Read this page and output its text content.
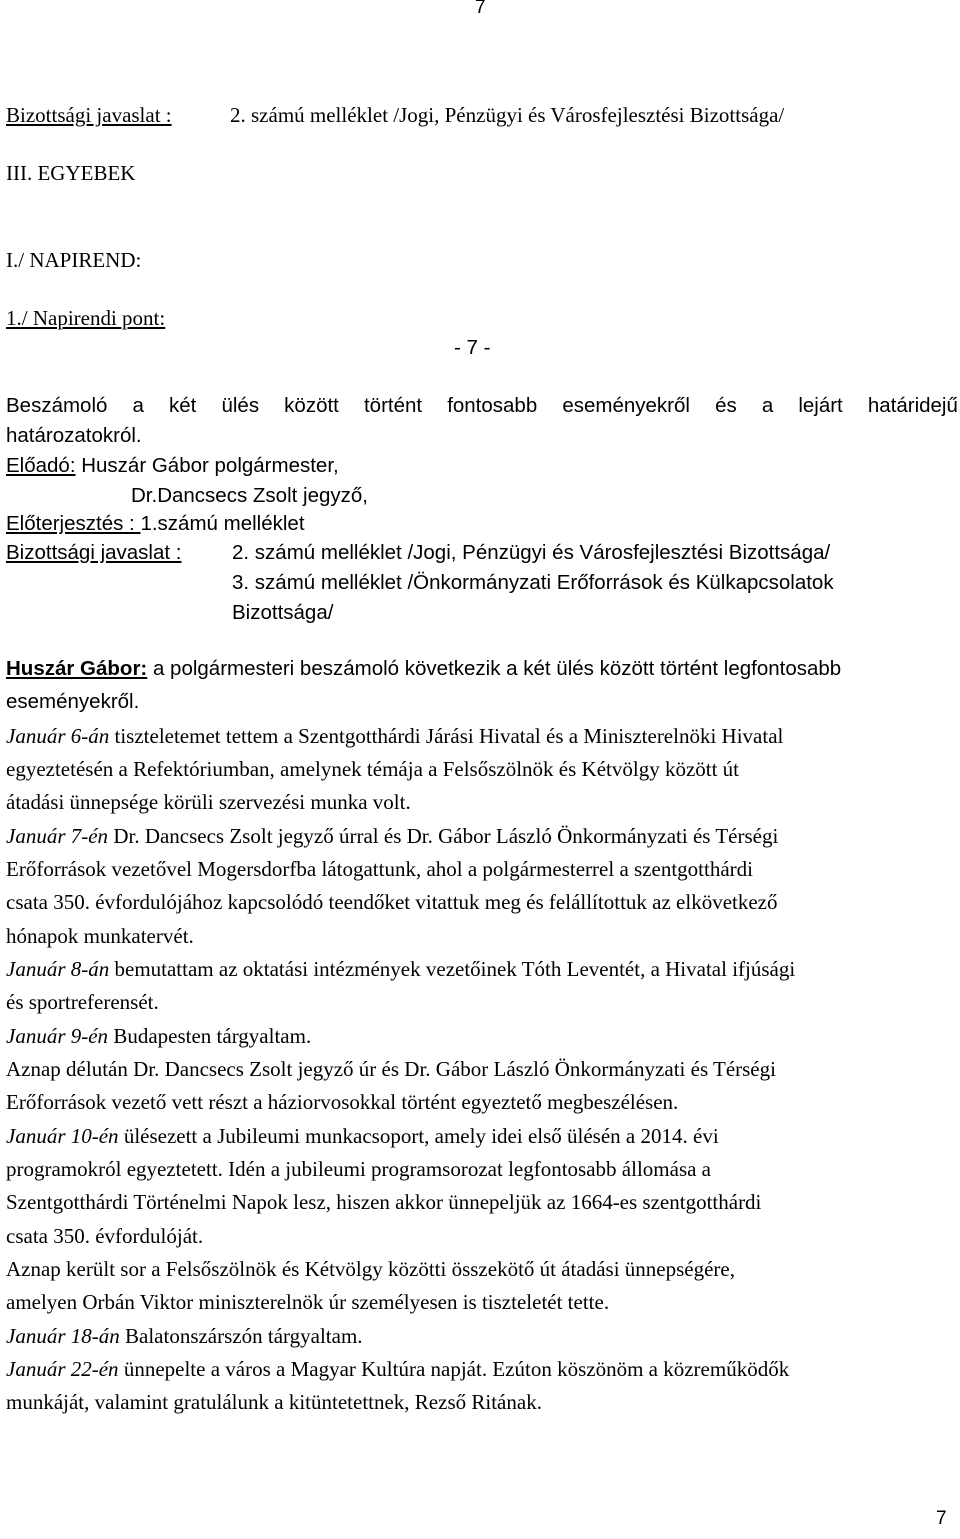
7
Bizottsági javaslat :	2. számú melléklet /Jogi, Pénzügyi és Városfejlesztési Bizottsága/
III. EGYEBEK
I./ NAPIREND:
1./ Napirendi pont:
- 7 -
Beszámoló a két ülés között történt fontosabb eseményekről és a lejárt határidejű
határozatokról.
Előadó: Huszár Gábor polgármester,
Dr.Dancsecs Zsolt jegyző,
Előterjesztés : 1.számú melléklet
Bizottsági javaslat : 2. számú melléklet /Jogi, Pénzügyi és Városfejlesztési Bizottsága/
3. számú melléklet /Önkormányzati Erőforrások és Külkapcsolatok
Bizottsága/
Huszár Gábor: a polgármesteri beszámoló következik a két ülés között történt legfontosabb
eseményekről.
Január 6-án tiszteletemet tettem a Szentgotthárdi Járási Hivatal és a Miniszterelnöki Hivatal
egyeztetésén a Refektóriumban, amelynek témája a Felsőszölnök és Kétvölgy között út
átadási ünnepsége körüli szervezési munka volt.
Január 7-én Dr. Dancsecs Zsolt jegyző úrral és Dr. Gábor László Önkormányzati és Térségi
Erőforrások vezetővel Mogersdorfba látogattunk, ahol a polgármesterrel a szentgotthárdi
csata 350. évfordulójához kapcsolódó teendőket vitattuk meg és felállítottuk az elkövetkező
hónapok munkatervét.
Január 8-án bemutattam az oktatási intézmények vezetőinek Tóth Leventét, a Hivatal ifjúsági
és sportreferensét.
Január 9-én Budapesten tárgyaltam.
Aznap délután Dr. Dancsecs Zsolt jegyző úr és Dr. Gábor László Önkormányzati és Térségi
Erőforrások vezető vett részt a háziorvosokkal történt egyeztető megbeszélésen.
Január 10-én ülésezett a Jubileumi munkacsoport, amely idei első ülésén a 2014. évi
programokról egyeztetett. Idén a jubileumi programsorozat legfontosabb állomása a
Szentgotthárdi Történelmi Napok lesz, hiszen akkor ünnepeljük az 1664-es szentgotthárdi
csata 350. évfordulóját.
Aznap került sor a Felsőszölnök és Kétvölgy közötti összekötő út átadási ünnepségére,
amelyen Orbán Viktor miniszterelnök úr személyesen is tiszteletét tette.
Január 18-án Balatonszárszón tárgyaltam.
Január 22-én ünnepelte a város a Magyar Kultúra napját. Ezúton köszönöm a közreműködők
munkáját, valamint gratulálunk a kitüntetettnek, Rezső Ritának.
7
